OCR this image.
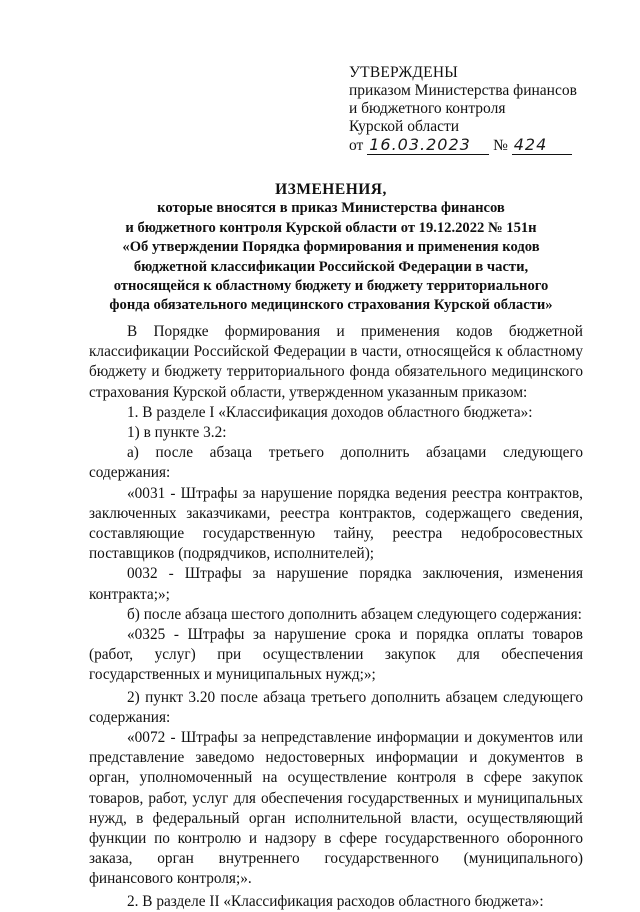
УТВЕРЖДЕНЫ
приказом Министерства финансов
и бюджетного контроля
Курской области
от 16.03.2023 № 424
ИЗМЕНЕНИЯ,
которые вносятся в приказ Министерства финансов
и бюджетного контроля Курской области от 19.12.2022 № 151н
«Об утверждении Порядка формирования и применения кодов
бюджетной классификации Российской Федерации в части,
относящейся к областному бюджету и бюджету территориального
фонда обязательного медицинского страхования Курской области»

В Порядке формирования и применения кодов бюджетной классификации Российской Федерации в части, относящейся к областному бюджету и бюджету территориального фонда обязательного медицинского страхования Курской области, утвержденном указанным приказом:

1. В разделе I «Классификация доходов областного бюджета»:

1) в пункте 3.2:

а) после абзаца третьего дополнить абзацами следующего содержания:

«0031 - Штрафы за нарушение порядка ведения реестра контрактов, заключенных заказчиками, реестра контрактов, содержащего сведения, составляющие государственную тайну, реестра недобросовестных поставщиков (подрядчиков, исполнителей);

0032 - Штрафы за нарушение порядка заключения, изменения контракта;»;

б) после абзаца шестого дополнить абзацем следующего содержания:

«0325 - Штрафы за нарушение срока и порядка оплаты товаров (работ, услуг) при осуществлении закупок для обеспечения государственных и муниципальных нужд;»;

2) пункт 3.20 после абзаца третьего дополнить абзацем следующего содержания:

«0072 - Штрафы за непредставление информации и документов или представление заведомо недостоверных информации и документов в орган, уполномоченный на осуществление контроля в сфере закупок товаров, работ, услуг для обеспечения государственных и муниципальных нужд, в федеральный орган исполнительной власти, осуществляющий функции по контролю и надзору в сфере государственного оборонного заказа, орган внутреннего государственного (муниципального) финансового контроля;».

2. В разделе II «Классификация расходов областного бюджета»:
